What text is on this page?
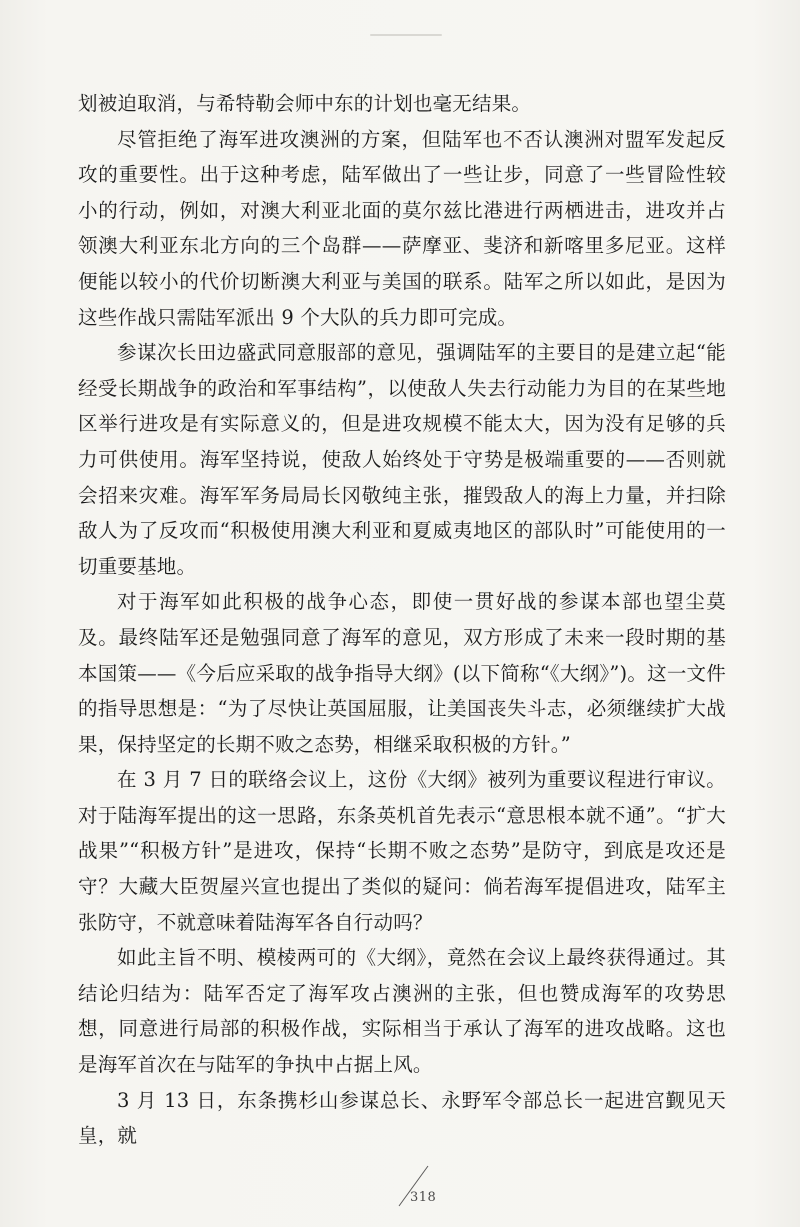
划被迫取消，与希特勒会师中东的计划也毫无结果。

尽管拒绝了海军进攻澳洲的方案，但陆军也不否认澳洲对盟军发起反攻的重要性。出于这种考虑，陆军做出了一些让步，同意了一些冒险性较小的行动，例如，对澳大利亚北面的莫尔兹比港进行两栖进击，进攻并占领澳大利亚东北方向的三个岛群——萨摩亚、斐济和新喀里多尼亚。这样便能以较小的代价切断澳大利亚与美国的联系。陆军之所以如此，是因为这些作战只需陆军派出 9 个大队的兵力即可完成。

参谋次长田边盛武同意服部的意见，强调陆军的主要目的是建立起“能经受长期战争的政治和军事结构”，以使敌人失去行动能力为目的在某些地区举行进攻是有实际意义的，但是进攻规模不能太大，因为没有足够的兵力可供使用。海军坚持说，使敌人始终处于守势是极端重要的——否则就会招来灾难。海军军务局局长冈敬纯主张，摧毁敌人的海上力量，并扫除敌人为了反攻而“积极使用澳大利亚和夏威夷地区的部队时”可能使用的一切重要基地。

对于海军如此积极的战争心态，即使一贯好战的参谋本部也望尘莫及。最终陆军还是勉强同意了海军的意见，双方形成了未来一段时期的基本国策——《今后应采取的战争指导大纲》(以下简称“《大纲》”)。这一文件的指导思想是：“为了尽快让英国屈服，让美国丧失斗志，必须继续扩大战果，保持坚定的长期不败之态势，相继采取积极的方针。”

在 3 月 7 日的联络会议上，这份《大纲》被列为重要议程进行审议。对于陆海军提出的这一思路，东条英机首先表示“意思根本就不通”。“扩大战果”“积极方针”是进攻，保持“长期不败之态势”是防守，到底是攻还是守？大藏大臣贺屋兴宣也提出了类似的疑问：倘若海军提倡进攻，陆军主张防守，不就意味着陆海军各自行动吗？

如此主旨不明、模棱两可的《大纲》，竟然在会议上最终获得通过。其结论归结为：陆军否定了海军攻占澳洲的主张，但也赞成海军的攻势思想，同意进行局部的积极作战，实际相当于承认了海军的进攻战略。这也是海军首次在与陆军的争执中占据上风。

3 月 13 日，东条携杉山参谋总长、永野军令部总长一起进宫觐见天皇，就

318
